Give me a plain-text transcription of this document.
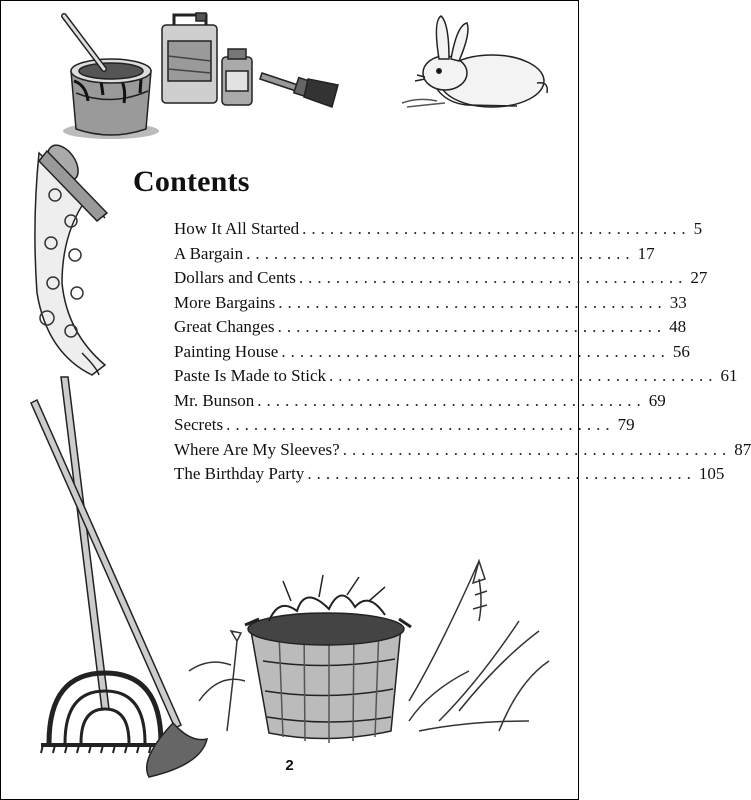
Contents
How It All Started .......................................... 5
A Bargain .......................................... 17
Dollars and Cents .......................................... 27
More Bargains .......................................... 33
Great Changes .......................................... 48
Painting House .......................................... 56
Paste Is Made to Stick .......................................... 61
Mr. Bunson .......................................... 69
Secrets .......................................... 79
Where Are My Sleeves? .......................................... 87
The Birthday Party .......................................... 105
2
